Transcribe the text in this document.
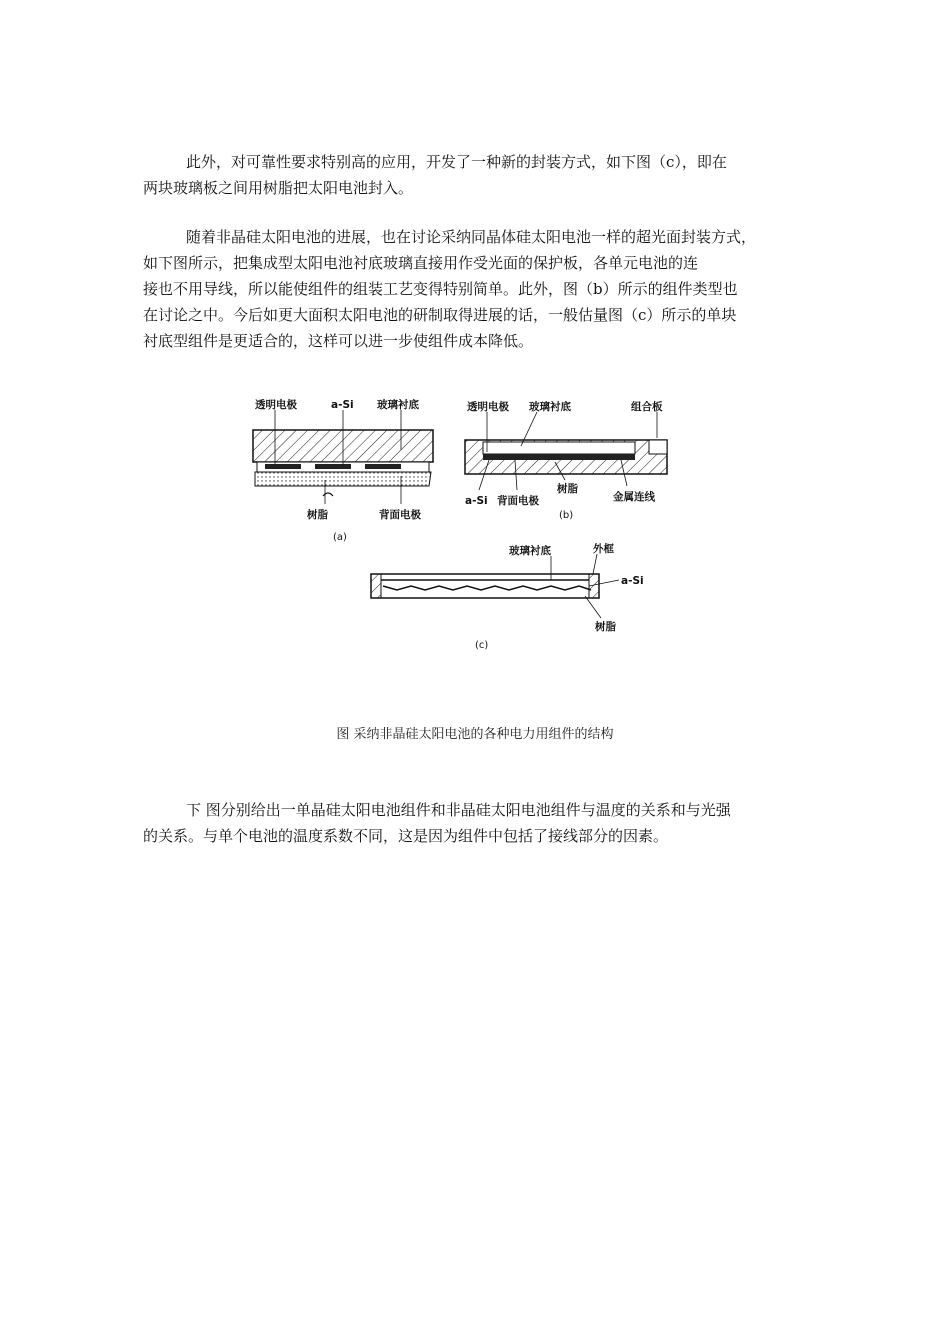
此外，对可靠性要求特别高的应用，开发了一种新的封装方式，如下图（c），即在
两块玻璃板之间用树脂把太阳电池封入。
随着非晶硅太阳电池的进展，也在讨论采纳同晶体硅太阳电池一样的超光面封装方式，
如下图所示，把集成型太阳电池衬底玻璃直接用作受光面的保护板，各单元电池的连
接也不用导线，所以能使组件的组装工艺变得特别简单。此外，图（b）所示的组件类型也
在讨论之中。今后如更大面积太阳电池的研制取得进展的话，一般估量图（c）所示的单块
衬底型组件是更适合的，这样可以进一步使组件成本降低。
透明电极	a-Si 玻璃衬底
树脂	背面电极
(a)
透明电极 玻璃衬底	组合板
树脂
a-Si 背面电极	金属连线
(b)
玻璃衬底	外框
a-Si
树脂
(c)
图 采纳非晶硅太阳电池的各种电力用组件的结构
下 图分别给出一单晶硅太阳电池组件和非晶硅太阳电池组件与温度的关系和与光强
的关系。与单个电池的温度系数不同，这是因为组件中包括了接线部分的因素。
